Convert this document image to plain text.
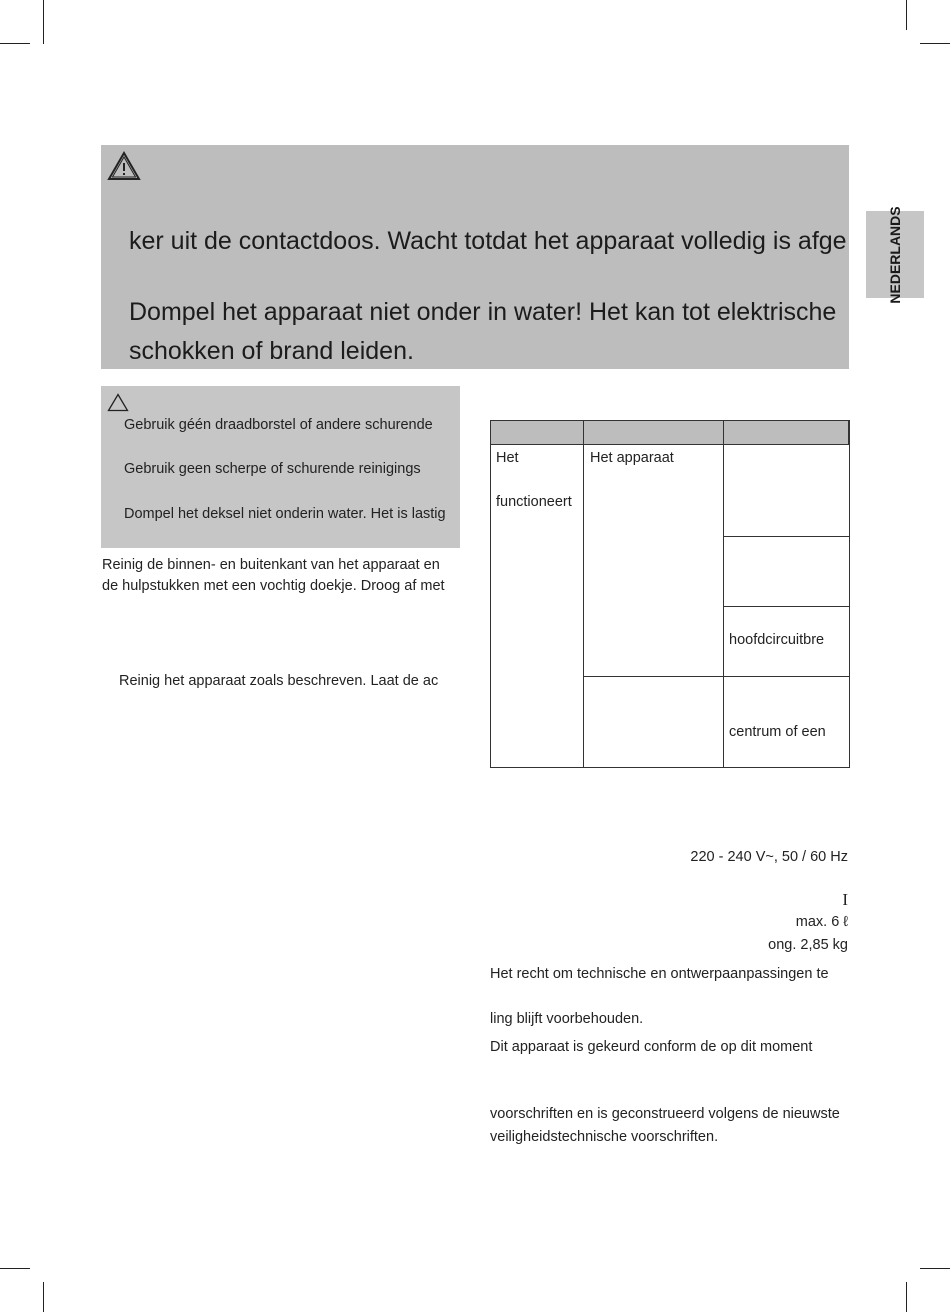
NEDERLANDS
ker uit de contactdoos. Wacht totdat het apparaat volledig is afge
Dompel het apparaat niet onder in water! Het kan tot elektrische
schokken of brand leiden.
Gebruik géén draadborstel of andere schurende
Gebruik geen scherpe of schurende reinigings
Dompel het deksel niet onderin water. Het is lastig
Reinig de binnen- en buitenkant van het apparaat en
de hulpstukken met een vochtig doekje. Droog af met
Reinig het apparaat zoals beschreven. Laat de ac
Het
functioneert
Het apparaat
hoofdcircuitbre
centrum of een
220 - 240 V~, 50 / 60 Hz
I
max. 6 ℓ
ong. 2,85 kg
Het recht om technische en ontwerpaanpassingen te
ling blijft voorbehouden.
Dit apparaat is gekeurd conform de op dit moment
voorschriften en is geconstrueerd volgens de nieuwste
veiligheidstechnische voorschriften.
